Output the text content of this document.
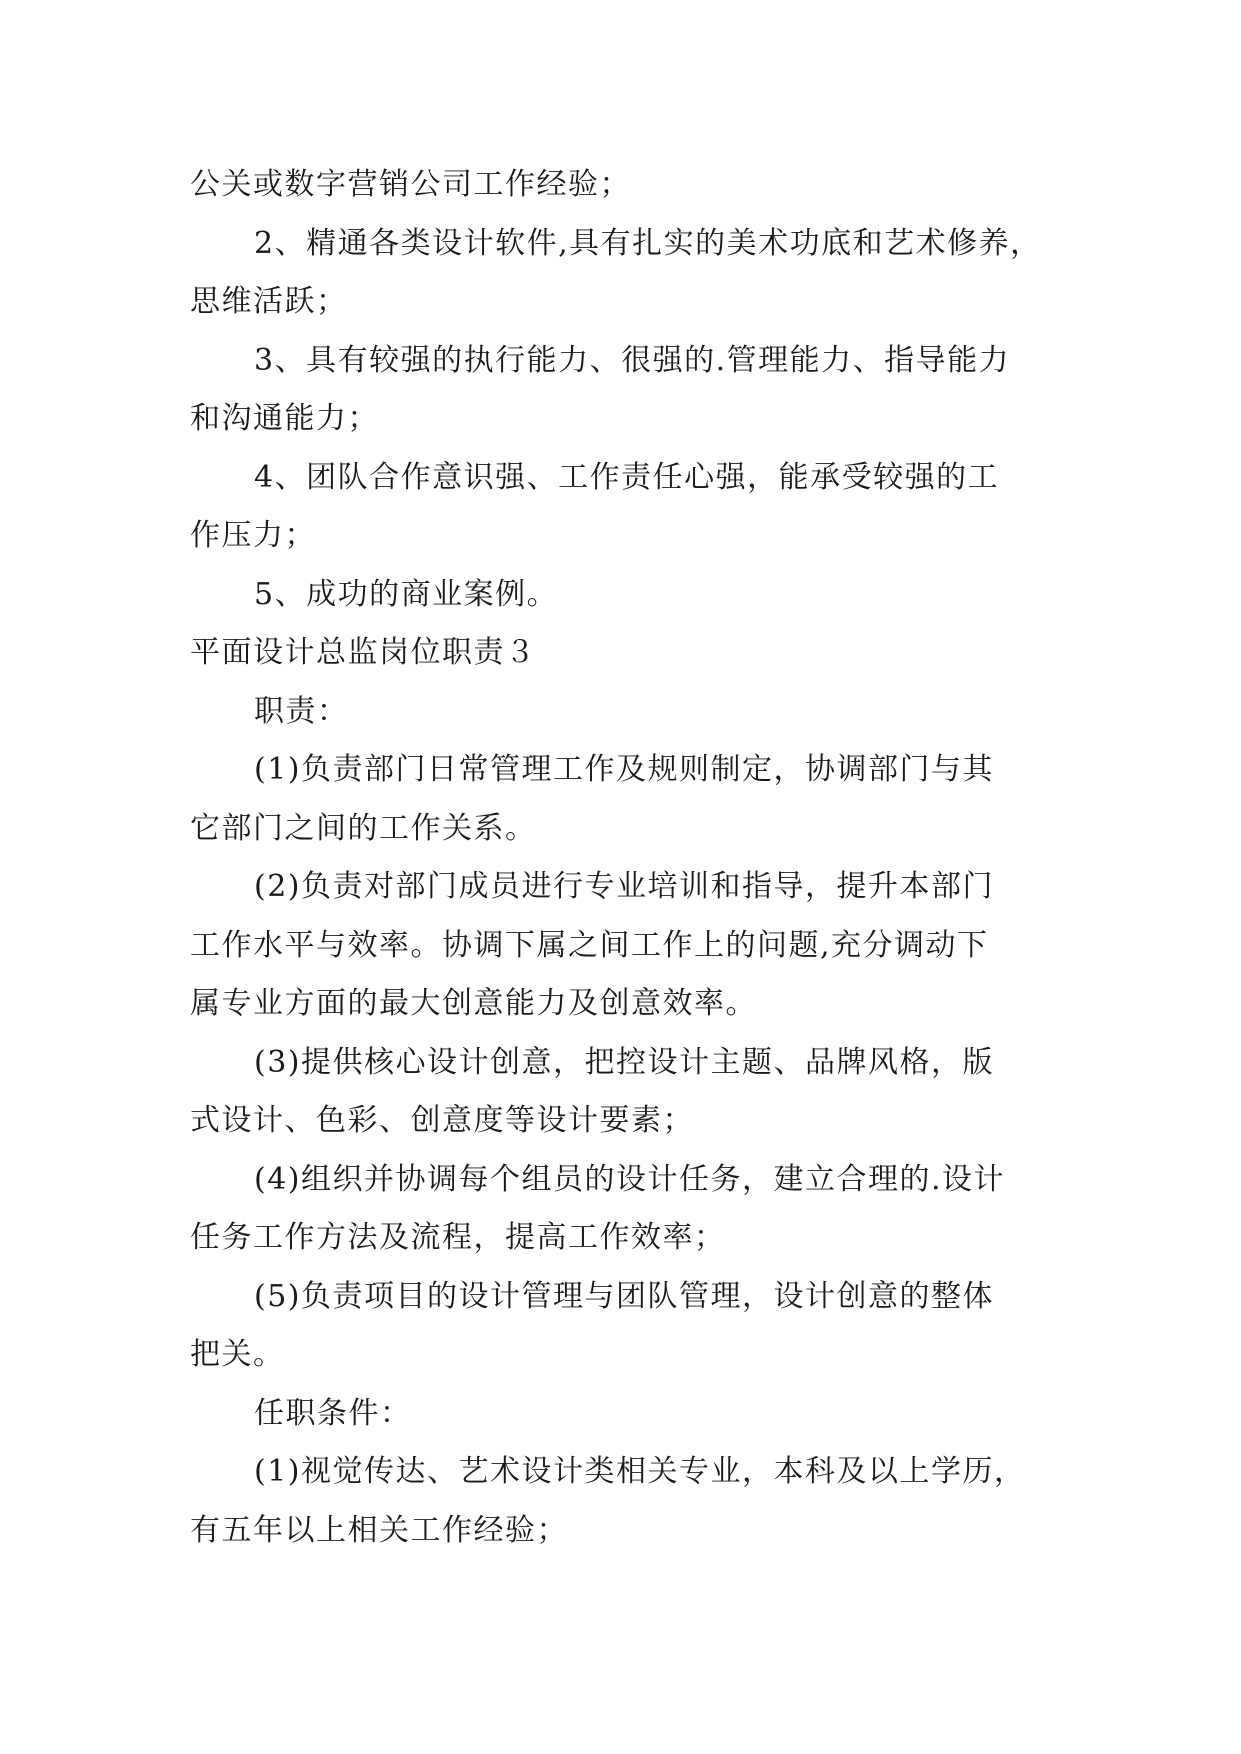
公关或数字营销公司工作经验；

2、精通各类设计软件,具有扎实的美术功底和艺术修养，
思维活跃；

3、具有较强的执行能力、很强的.管理能力、指导能力
和沟通能力；

4、团队合作意识强、工作责任心强，能承受较强的工
作压力；

5、成功的商业案例。

平面设计总监岗位职责３

职责：

(1)负责部门日常管理工作及规则制定，协调部门与其
它部门之间的工作关系。

(2)负责对部门成员进行专业培训和指导，提升本部门
工作水平与效率。协调下属之间工作上的问题,充分调动下
属专业方面的最大创意能力及创意效率。

(3)提供核心设计创意，把控设计主题、品牌风格，版
式设计、色彩、创意度等设计要素；

(4)组织并协调每个组员的设计任务，建立合理的.设计
任务工作方法及流程，提高工作效率；

(5)负责项目的设计管理与团队管理，设计创意的整体
把关。

任职条件：

(1)视觉传达、艺术设计类相关专业，本科及以上学历，
有五年以上相关工作经验；
